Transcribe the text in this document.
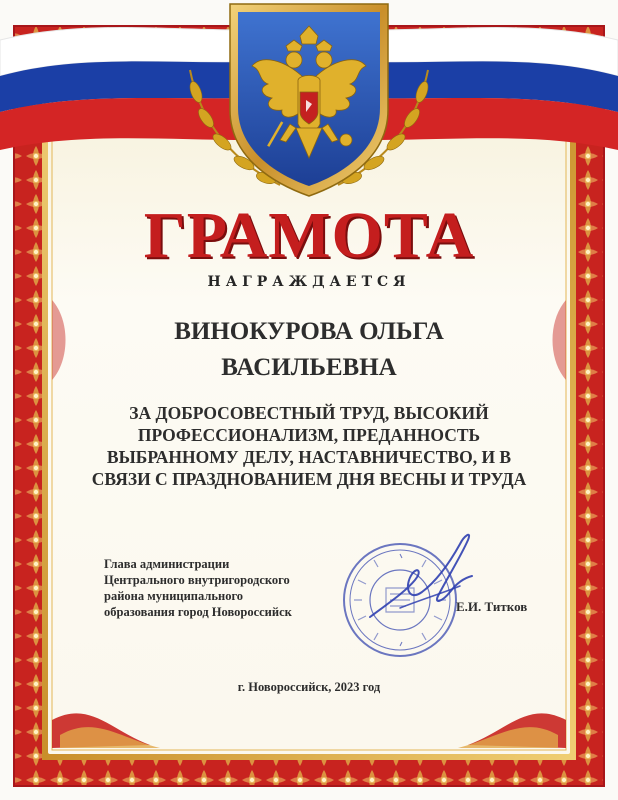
ГРАМОТА
НАГРАЖДАЕТСЯ
ВИНОКУРОВА ОЛЬГА
ВАСИЛЬЕВНА
ЗА ДОБРОСОВЕСТНЫЙ ТРУД, ВЫСОКИЙ
ПРОФЕССИОНАЛИЗМ, ПРЕДАННОСТЬ
ВЫБРАННОМУ ДЕЛУ, НАСТАВНИЧЕСТВО, И В
СВЯЗИ С ПРАЗДНОВАНИЕМ ДНЯ ВЕСНЫ И ТРУДА
Глава администрации
Центрального внутригородского
района муниципального
образования город Новороссийск	Е.И. Титков
г. Новороссийск, 2023 год
